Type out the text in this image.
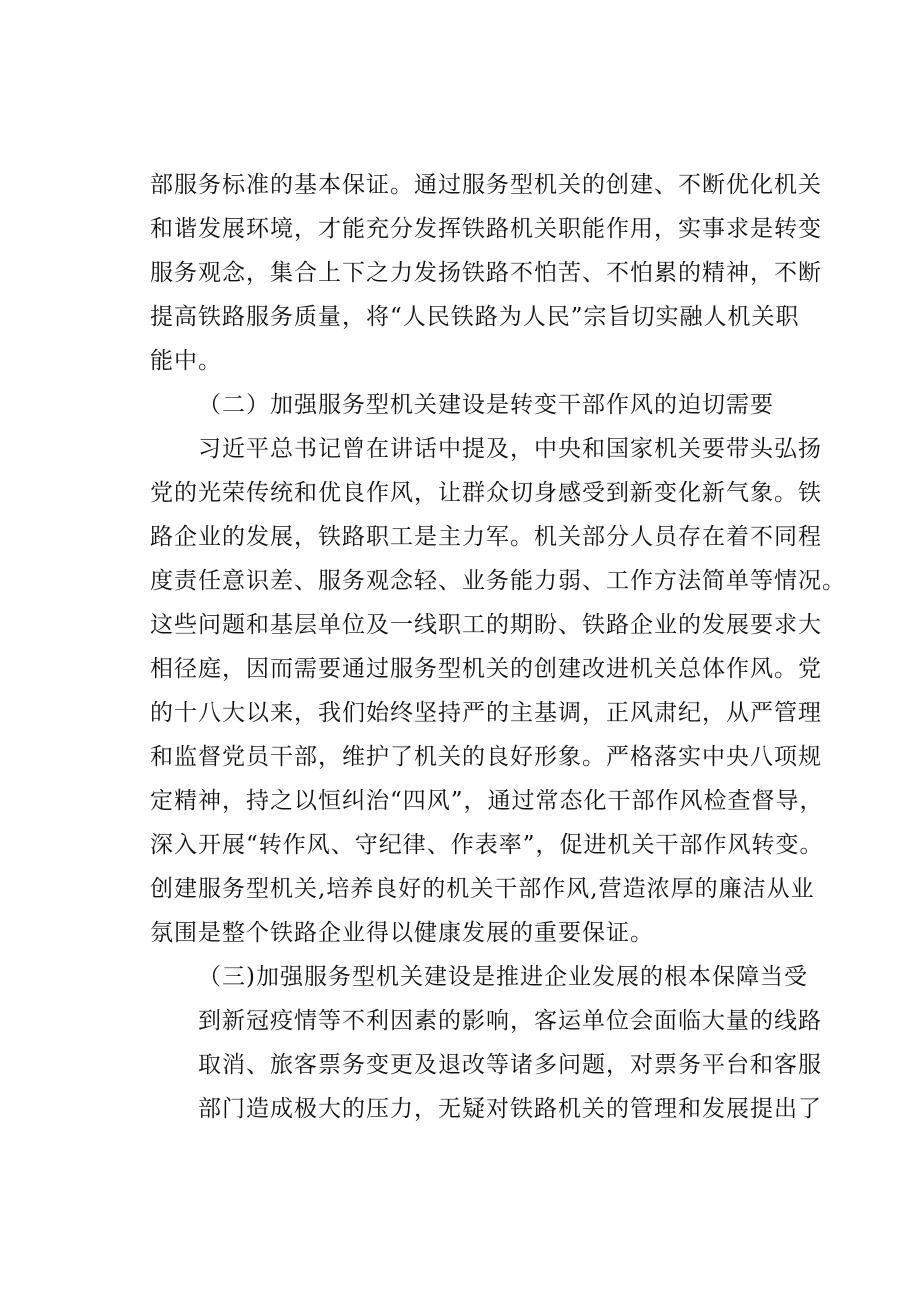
部服务标准的基本保证。通过服务型机关的创建、不断优化机关
和谐发展环境，才能充分发挥铁路机关职能作用，实事求是转变
服务观念，集合上下之力发扬铁路不怕苦、不怕累的精神，不断
提高铁路服务质量，将“人民铁路为人民”宗旨切实融人机关职
能中。
（二）加强服务型机关建设是转变干部作风的迫切需要
习近平总书记曾在讲话中提及，中央和国家机关要带头弘扬
党的光荣传统和优良作风，让群众切身感受到新变化新气象。铁
路企业的发展，铁路职工是主力军。机关部分人员存在着不同程
度责任意识差、服务观念轻、业务能力弱、工作方法简单等情况。
这些问题和基层单位及一线职工的期盼、铁路企业的发展要求大
相径庭，因而需要通过服务型机关的创建改进机关总体作风。党
的十八大以来，我们始终坚持严的主基调，正风肃纪，从严管理
和监督党员干部，维护了机关的良好形象。严格落实中央八项规
定精神，持之以恒纠治“四风”，通过常态化干部作风检查督导，
深入开展“转作风、守纪律、作表率”，促进机关干部作风转变。
创建服务型机关,培养良好的机关干部作风,营造浓厚的廉洁从业
氛围是整个铁路企业得以健康发展的重要保证。
（三)加强服务型机关建设是推进企业发展的根本保障当受
到新冠疫情等不利因素的影响，客运单位会面临大量的线路
取消、旅客票务变更及退改等诸多问题，对票务平台和客服
部门造成极大的压力，无疑对铁路机关的管理和发展提出了
